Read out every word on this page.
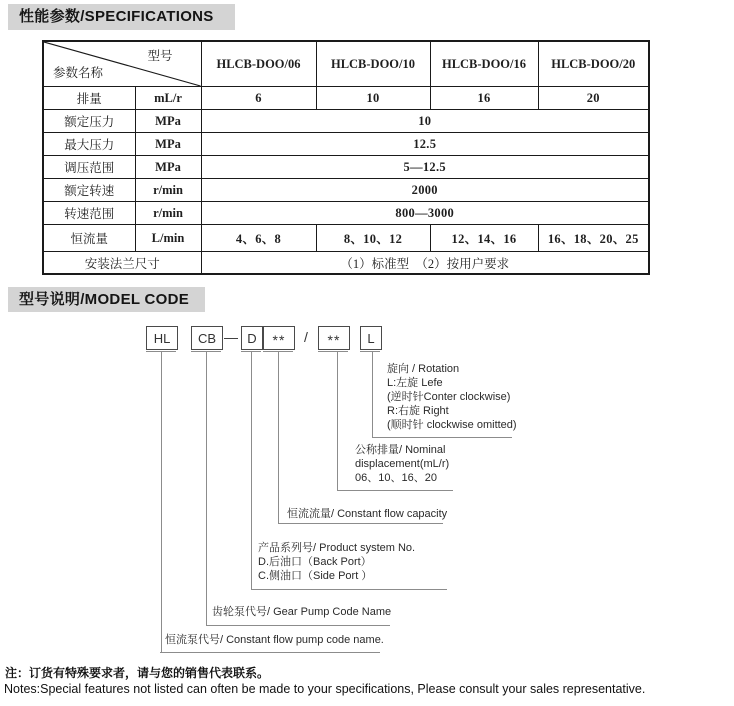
性能参数/SPECIFICATIONS
型号
参数名称		HLCB-DOO/06	HLCB-DOO/10	HLCB-DOO/16	HLCB-DOO/20
排量	mL/r	6	10	16	20
额定压力	MPa	10			
最大压力	MPa	12.5			
调压范围	MPa	5—12.5			
额定转速	r/min	2000			
转速范围	r/min	800—3000			
恒流量	L/min	4、6、8	8、10、12	12、14、16	16、18、20、25
安装法兰尺寸		（1）标准型　（2）按用户要求			
型号说明/MODEL CODE
HL	CB — D	**	/	**	L
旋向 / Rotation
L:左旋 Lefe
(逆时针Conter clockwise)
R:右旋 Right
(顺时针 clockwise omitted)
公称排量/ Nominal
displacement(mL/r)
06、10、16、20
恒流流量/ Constant flow capacity
产品系列号/ Product system No.
D.后油口（Back Port）
C.侧油口（Side Port ）
齿轮泵代号/ Gear Pump Code Name
恒流泵代号/ Constant flow pump code name.
注：订货有特殊要求者，请与您的销售代表联系。
Notes:Special features not listed can often be made to your specifications, Please consult your sales representative.
